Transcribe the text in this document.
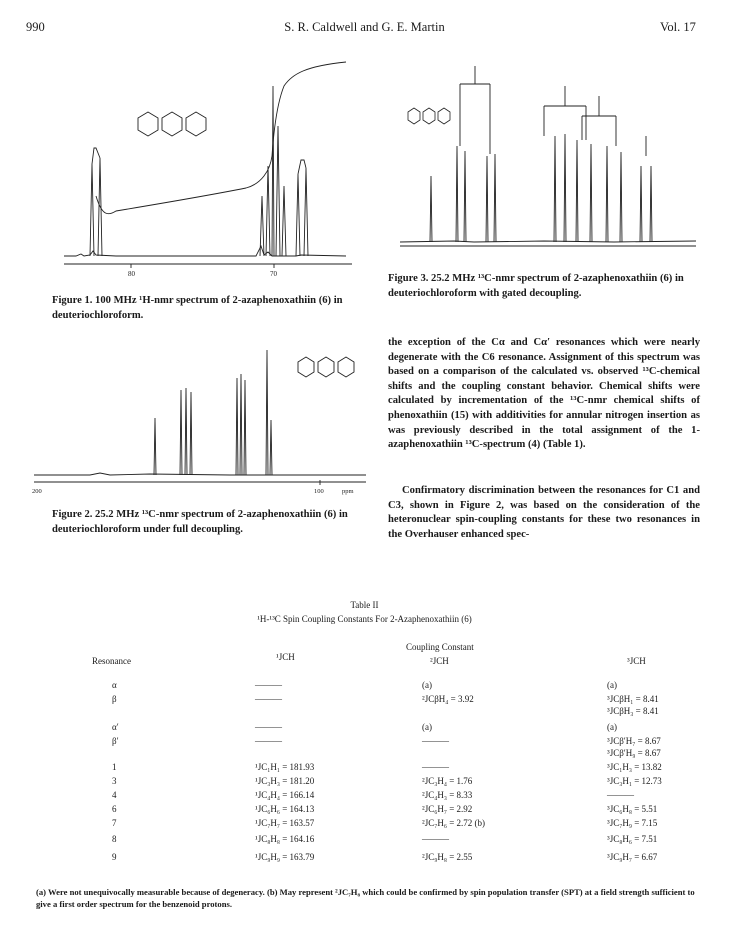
990	S. R. Caldwell and G. E. Martin	Vol. 17
80	70
Figure 1. 100 MHz ¹H-nmr spectrum of 2-azaphenoxathiin (6) in deuteriochloroform.
200	100	ppm
Figure 2. 25.2 MHz ¹³C-nmr spectrum of 2-azaphenoxathiin (6) in deuteriochloroform under full decoupling.
Figure 3. 25.2 MHz ¹³C-nmr spectrum of 2-azaphenoxathiin (6) in deuteriochloroform with gated decoupling.
the exception of the Cα and Cα′ resonances which were nearly degenerate with the C6 resonance. Assignment of this spectrum was based on a comparison of the calculated vs. observed ¹³C-chemical shifts and the coupling constant behavior. Chemical shifts were calculated by incrementation of the ¹³C-nmr chemical shifts of phenoxathiin (15) with additivities for annular nitrogen insertion as was previously described in the total assignment of the 1-azaphenoxathiin ¹³C-spectrum (4) (Table 1).
Confirmatory discrimination between the resonances for C1 and C3, shown in Figure 2, was based on the consideration of the heteronuclear spin-coupling constants for these two resonances in the Overhauser enhanced spec-
Table II
¹H-¹³C Spin Coupling Constants For 2-Azaphenoxathiin (6)
Coupling Constant
Resonance	¹JCH	²JCH	³JCH
α	———	(a)	(a)
β	———	²JCβH₄ = 3.92	³JCβH₁ = 8.41
³JCβH₃ = 8.41
α′	———	(a)	(a)
β′	———	———	³JCβ′H₇ = 8.67
³JCβ′H₉ = 8.67
1	¹JC₁H₁ = 181.93	———	³JC₁H₃ = 13.82
3	¹JC₃H₃ = 181.20	²JC₃H₄ = 1.76	³JC₃H₁ = 12.73
4	¹JC₄H₄ = 166.14	²JC₄H₃ = 8.33	———
6	¹JC₆H₆ = 164.13	²JC₆H₇ = 2.92	³JC₆H₈ = 5.51
7	¹JC₇H₇ = 163.57	²JC₇H₆ = 2.72 (b)	³JC₇H₉ = 7.15
8	¹JC₈H₈ = 164.16	———	³JC₈H₆ = 7.51
9	¹JC₉H₉ = 163.79	²JC₉H₈ = 2.55	³JC₉H₇ = 6.67
(a) Were not unequivocally measurable because of degeneracy. (b) May represent ²JC₇H₈ which could be confirmed by spin population transfer (SPT) at a field strength sufficient to give a first order spectrum for the benzenoid protons.
